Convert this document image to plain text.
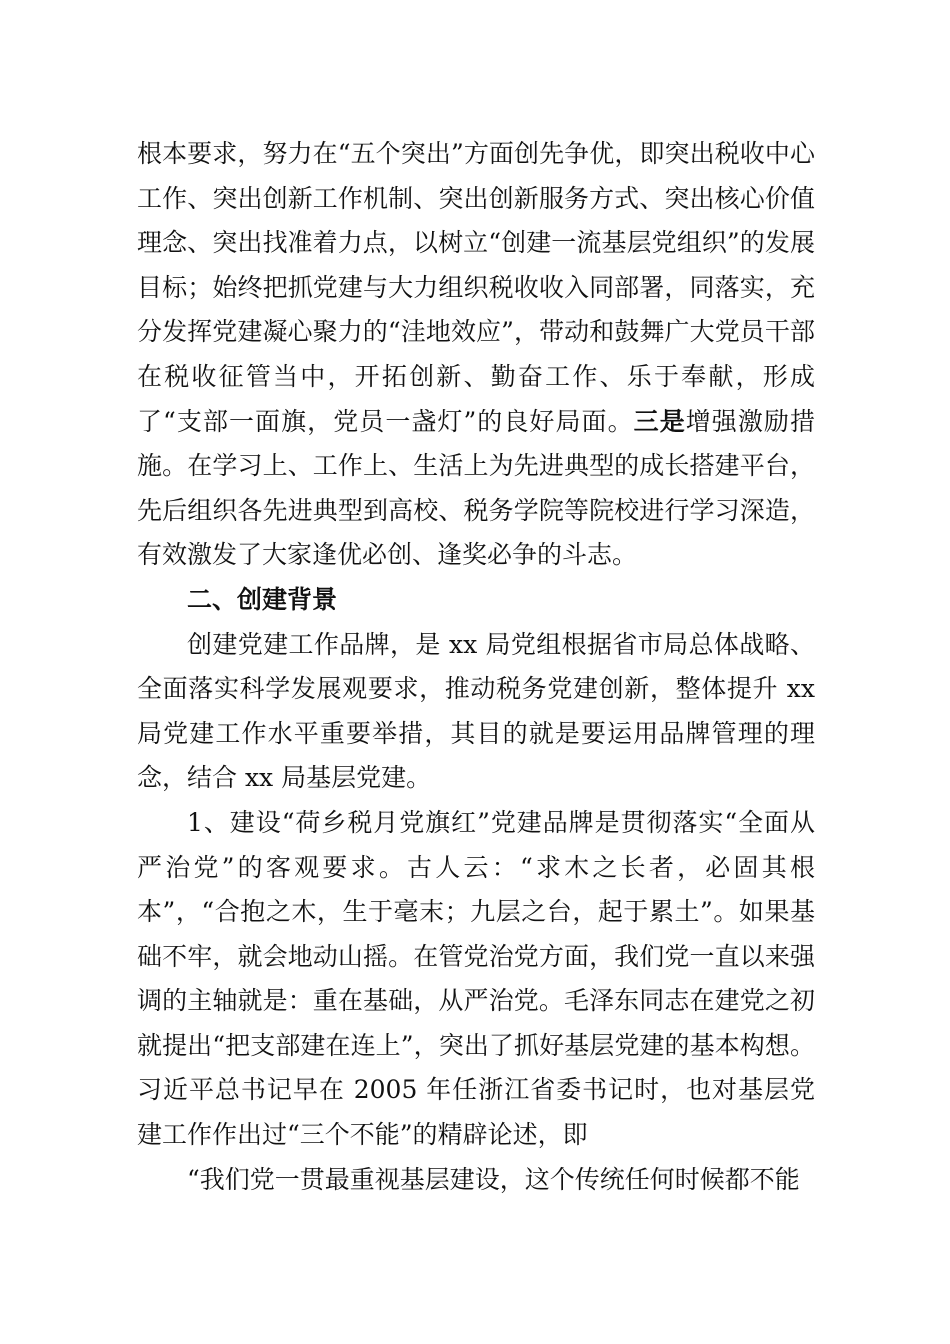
根本要求，努力在“五个突出”方面创先争优，即突出税收中心工作、突出创新工作机制、突出创新服务方式、突出核心价值理念、突出找准着力点，以树立“创建一流基层党组织”的发展目标；始终把抓党建与大力组织税收收入同部署，同落实，充分发挥党建凝心聚力的“洼地效应”，带动和鼓舞广大党员干部在税收征管当中，开拓创新、勤奋工作、乐于奉献，形成了“支部一面旗，党员一盏灯”的良好局面。三是增强激励措施。在学习上、工作上、生活上为先进典型的成长搭建平台，先后组织各先进典型到高校、税务学院等院校进行学习深造，有效激发了大家逢优必创、逢奖必争的斗志。

二、创建背景

创建党建工作品牌，是 xx 局党组根据省市局总体战略、全面落实科学发展观要求，推动税务党建创新，整体提升 xx 局党建工作水平重要举措，其目的就是要运用品牌管理的理念，结合 xx 局基层党建。

1、建设“荷乡税月党旗红”党建品牌是贯彻落实“全面从严治党”的客观要求。古人云：“求木之长者，必固其根本”，“合抱之木，生于毫末；九层之台，起于累土”。如果基础不牢，就会地动山摇。在管党治党方面，我们党一直以来强调的主轴就是：重在基础，从严治党。毛泽东同志在建党之初就提出“把支部建在连上”，突出了抓好基层党建的基本构想。习近平总书记早在 2005 年任浙江省委书记时，也对基层党建工作作出过“三个不能”的精辟论述，即

“我们党一贯最重视基层建设，这个传统任何时候都不能
